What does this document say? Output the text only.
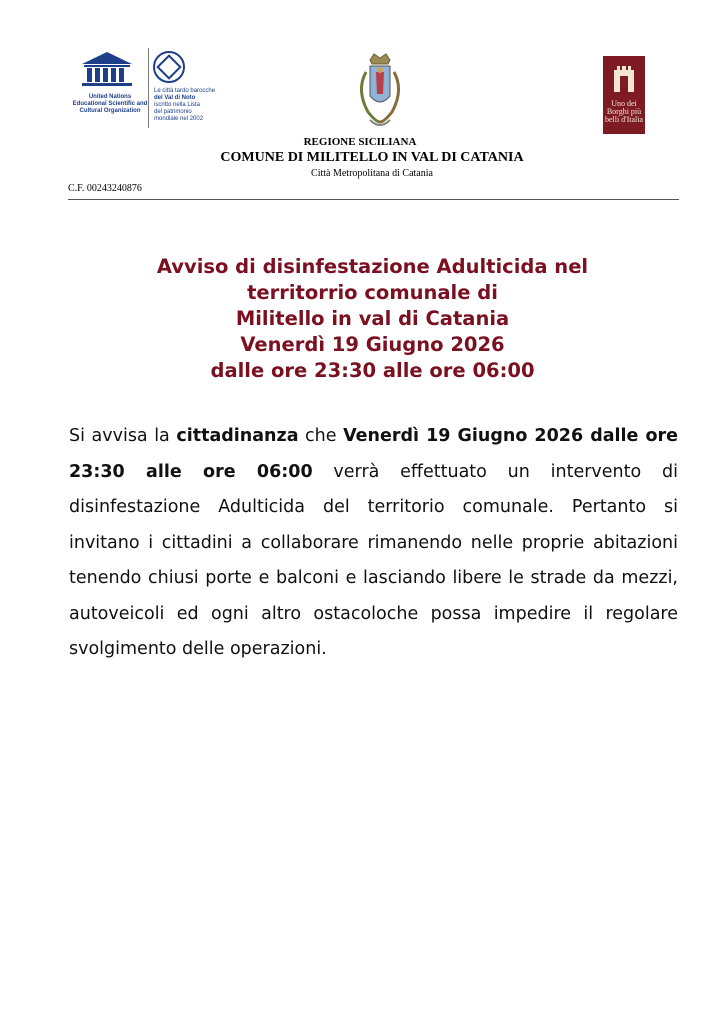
United Nations Educational Scientific and Cultural Organization
Le città tardo barocche
del Val di Noto
iscritto nella Lista
del patrimonio
mondiale nel 2002
Uno dei Borghi più belli d'Italia
REGIONE SICILIANA
COMUNE DI MILITELLO IN VAL DI CATANIA
Città Metropolitana di Catania
C.F. 00243240876
Avviso di disinfestazione Adulticida nel
territorrio comunale di
Militello in val di Catania
Venerdì 19 Giugno 2026
dalle ore 23:30 alle ore 06:00
Si avvisa la cittadinanza che Venerdì 19 Giugno 2026 dalle ore 23:30 alle ore 06:00 verrà effettuato un intervento di disinfestazione Adulticida del territorio comunale. Pertanto si invitano i cittadini a collaborare rimanendo nelle proprie abitazioni tenendo chiusi porte e balconi e lasciando libere le strade da mezzi, autoveicoli ed ogni altro ostacoloche possa impedire il regolare svolgimento delle operazioni.
